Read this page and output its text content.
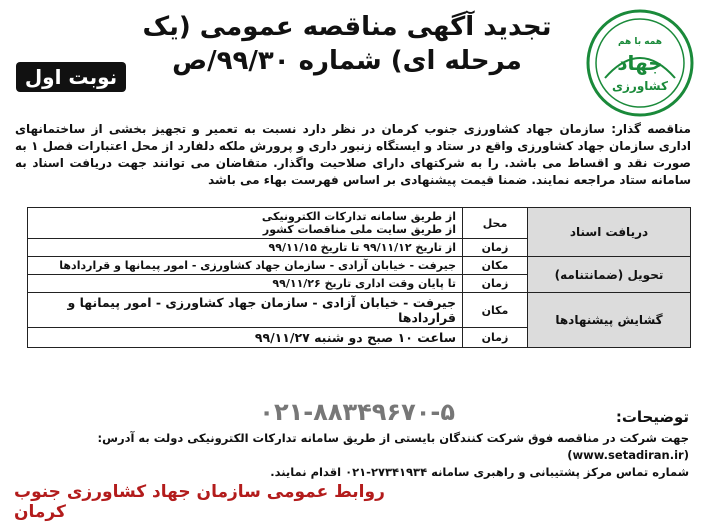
همه با هم
جهاد
کشاورزی
تجدید آگهی مناقصه عمومی (یک مرحله ای) شماره ۹۹/۳۰/ص
نوبت اول
مناقصه گذار: سازمان جهاد کشاورزی جنوب کرمان در نظر دارد نسبت به تعمیر و تجهیز بخشی از ساختمانهای اداری سازمان جهاد کشاورزی واقع در ستاد و ایستگاه زنبور داری و پرورش ملکه دلفارد از محل اعتبارات فصل ۱ به صورت نقد و اقساط می باشد. را به شرکتهای دارای صلاحیت واگذار. متقاضان می توانند جهت دریافت اسناد به سامانه ستاد مراجعه نمایند. ضمنا قیمت پیشنهادی بر اساس فهرست بهاء می باشد
دریافت اسناد	محل	از طریق سامانه تدارکات الکترونیکی
از طریق سایت ملی مناقصات کشور

	زمان	از تاریخ ۹۹/۱۱/۱۲ تا تاریخ ۹۹/۱۱/۱۵
تحویل (ضمانتنامه)	مکان	جیرفت - خیابان آزادی - سازمان جهاد کشاورزی - امور پیمانها و قراردادها
	زمان	تا پایان وقت اداری تاریخ ۹۹/۱۱/۲۶
گشایش پیشنهادها	مکان	جیرفت - خیابان آزادی - سازمان جهاد کشاورزی - امور پیمانها و قراردادها
	زمان	ساعت ۱۰ صبح دو شنبه ۹۹/۱۱/۲۷
۰۲۱-۸۸۳۴۹۶۷۰-۵	توضیحات:
جهت شرکت در مناقصه فوق شرکت کنندگان بایستی از طریق سامانه تدارکات الکترونیکی دولت به آدرس: (www.setadiran.ir)
شماره تماس مرکز پشتیبانی و راهبری سامانه ۲۷۳۴۱۹۳۴-۰۲۱ اقدام نمایند.
روابط عمومی سازمان جهاد کشاورزی جنوب کرمان
